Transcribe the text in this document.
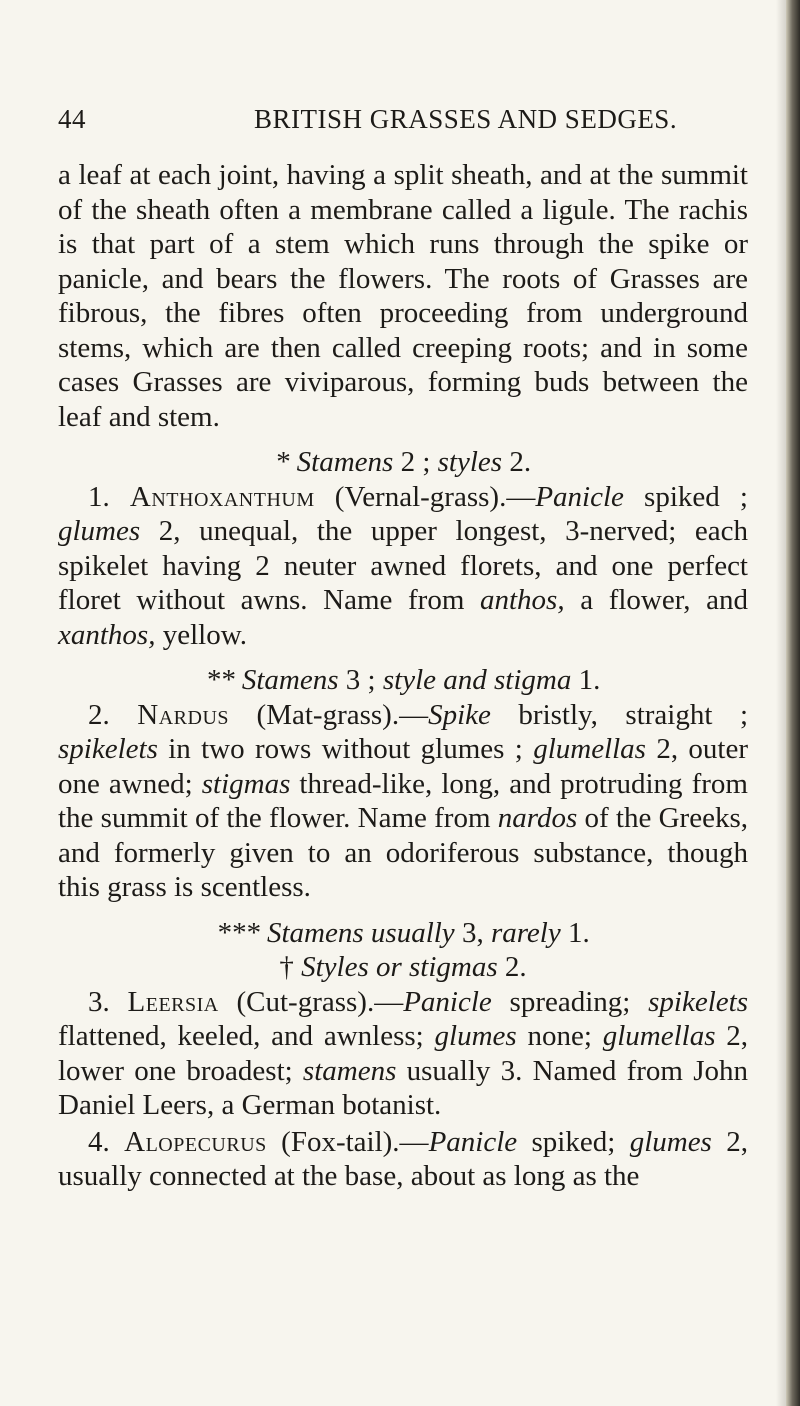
44	BRITISH GRASSES AND SEDGES.

a leaf at each joint, having a split sheath, and at the summit of the sheath often a membrane called a ligule. The rachis is that part of a stem which runs through the spike or panicle, and bears the flowers. The roots of Grasses are fibrous, the fibres often proceeding from underground stems, which are then called creeping roots; and in some cases Grasses are viviparous, forming buds between the leaf and stem.

* Stamens 2 ; styles 2.

1. Anthoxanthum (Vernal-grass).—Panicle spiked ; glumes 2, unequal, the upper longest, 3-nerved; each spikelet having 2 neuter awned florets, and one perfect floret without awns. Name from anthos, a flower, and xanthos, yellow.

** Stamens 3 ; style and stigma 1.

2. Nardus (Mat-grass).—Spike bristly, straight ; spikelets in two rows without glumes ; glumellas 2, outer one awned; stigmas thread-like, long, and protruding from the summit of the flower. Name from nardos of the Greeks, and formerly given to an odoriferous substance, though this grass is scentless.

*** Stamens usually 3, rarely 1.

† Styles or stigmas 2.

3. Leersia (Cut-grass).—Panicle spreading; spikelets flattened, keeled, and awnless; glumes none; glumellas 2, lower one broadest; stamens usually 3. Named from John Daniel Leers, a German botanist.

4. Alopecurus (Fox-tail).—Panicle spiked; glumes 2, usually connected at the base, about as long as the
